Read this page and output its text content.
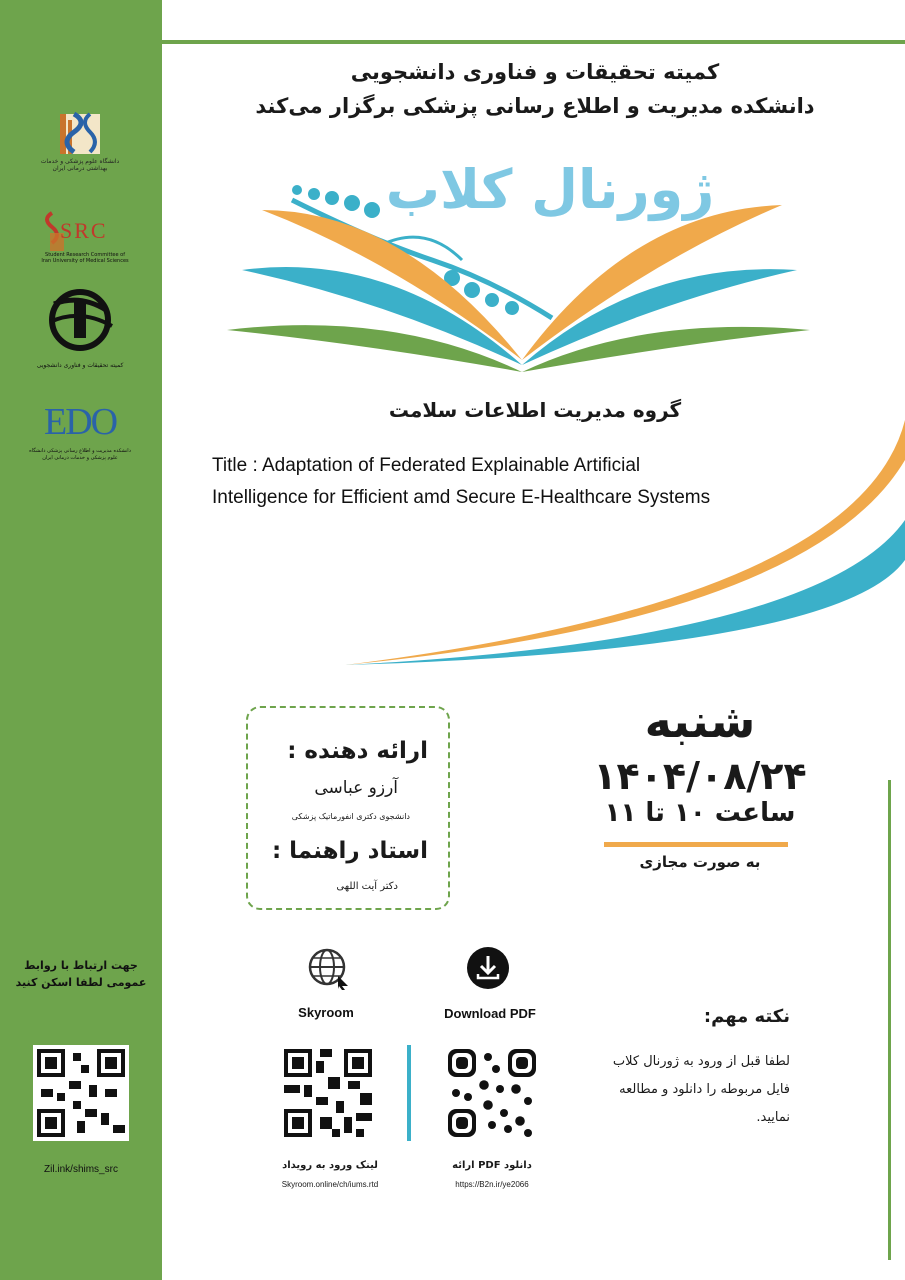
دانشگاه علوم پزشکی و خدمات بهداشتی درمانی ایران
SRC
Student Research Committee of Iran University of Medical Sciences
کمیته تحقیقات و فناوری دانشجویی
EDO
دانشکده مدیریت و اطلاع رسانی پزشکی دانشگاه علوم پزشکی و خدمات درمانی ایران
جهت ارتباط با روابط عمومی لطفا اسکن کنید
Zil.ink/shims_src
کمیته تحقیقات و فناوری دانشجویی
دانشکده مدیریت و اطلاع رسانی پزشکی برگزار می‌کند
ژورنال کلاب
گروه مدیریت اطلاعات سلامت
Title : Adaptation of Federated Explainable Artificial
Intelligence for Efficient amd Secure E-Healthcare Systems
ارائه دهنده :
آرزو عباسی
دانشجوی دکتری انفورماتیک پزشکی
استاد راهنما :
دکتر آیت اللهی
شنبه
۱۴۰۴/۰۸/۲۴
ساعت ۱۰ تا ۱۱
به صورت مجازی
Skyroom	Download PDF	نکته مهم:
لطفا قبل از ورود به ژورنال کلاب
فایل مربوطه را دانلود و مطالعه
نمایید.
لینک ورود به رویداد
Skyroom.online/ch/iums.rtd
دانلود PDF ارائه
https://B2n.ir/ye2066
